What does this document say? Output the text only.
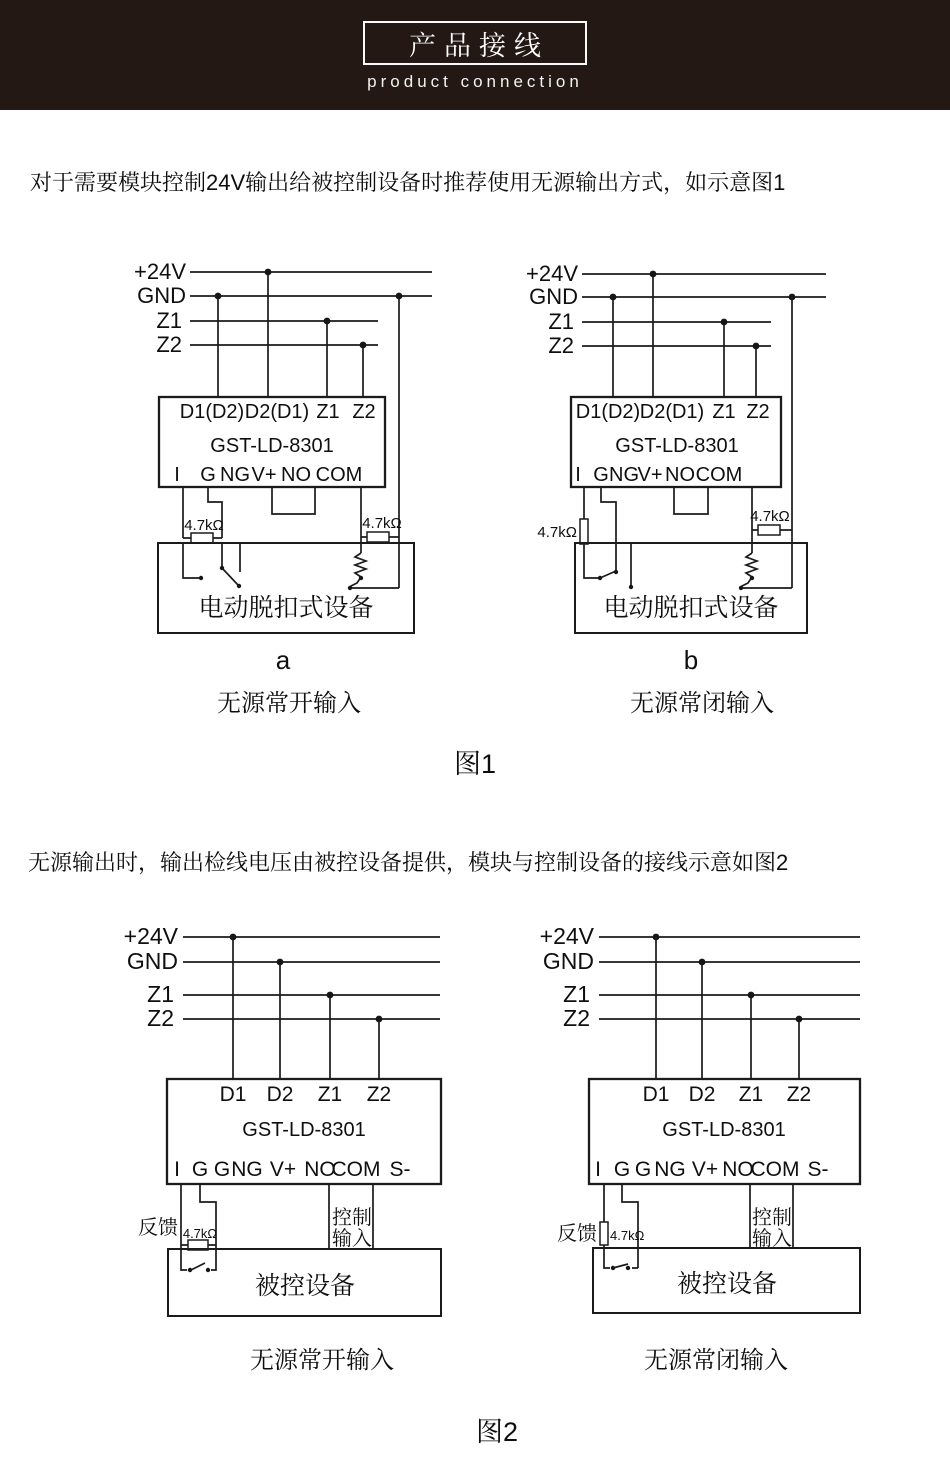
产品接线
product connection
对于需要模块控制24V输出给被控制设备时推荐使用无源输出方式，如示意图1
无源输出时，输出检线电压由被控设备提供，模块与控制设备的接线示意如图2
+24V
GND
Z1
Z2
D1(D2) D2(D1) Z1 Z2
GST-LD-8301
I G NG V+ NO COM
4.7kΩ	4.7kΩ
电动脱扣式设备
a
无源常开输入
+24V
GND
Z1
Z2
D1(D2) D2(D1) Z1 Z2
GST-LD-8301
I G NG
V+ NO COM
4.7kΩ
4.7kΩ
电动脱扣式设备
b
无源常闭输入
图1
+24V
GND
Z1
Z2
D1 D2 Z1 Z2
GST-LD-8301
I G G NG V+ NO
COM S-
4.7kΩ
反馈	控制
输入
被控设备
无源常开输入
+24V
GND
Z1
Z2
D1 D2 Z1 Z2
GST-LD-8301
I G G NG V+ NO
COM S-
反馈 4.7kΩ
控制
输入
被控设备
无源常闭输入
图2
